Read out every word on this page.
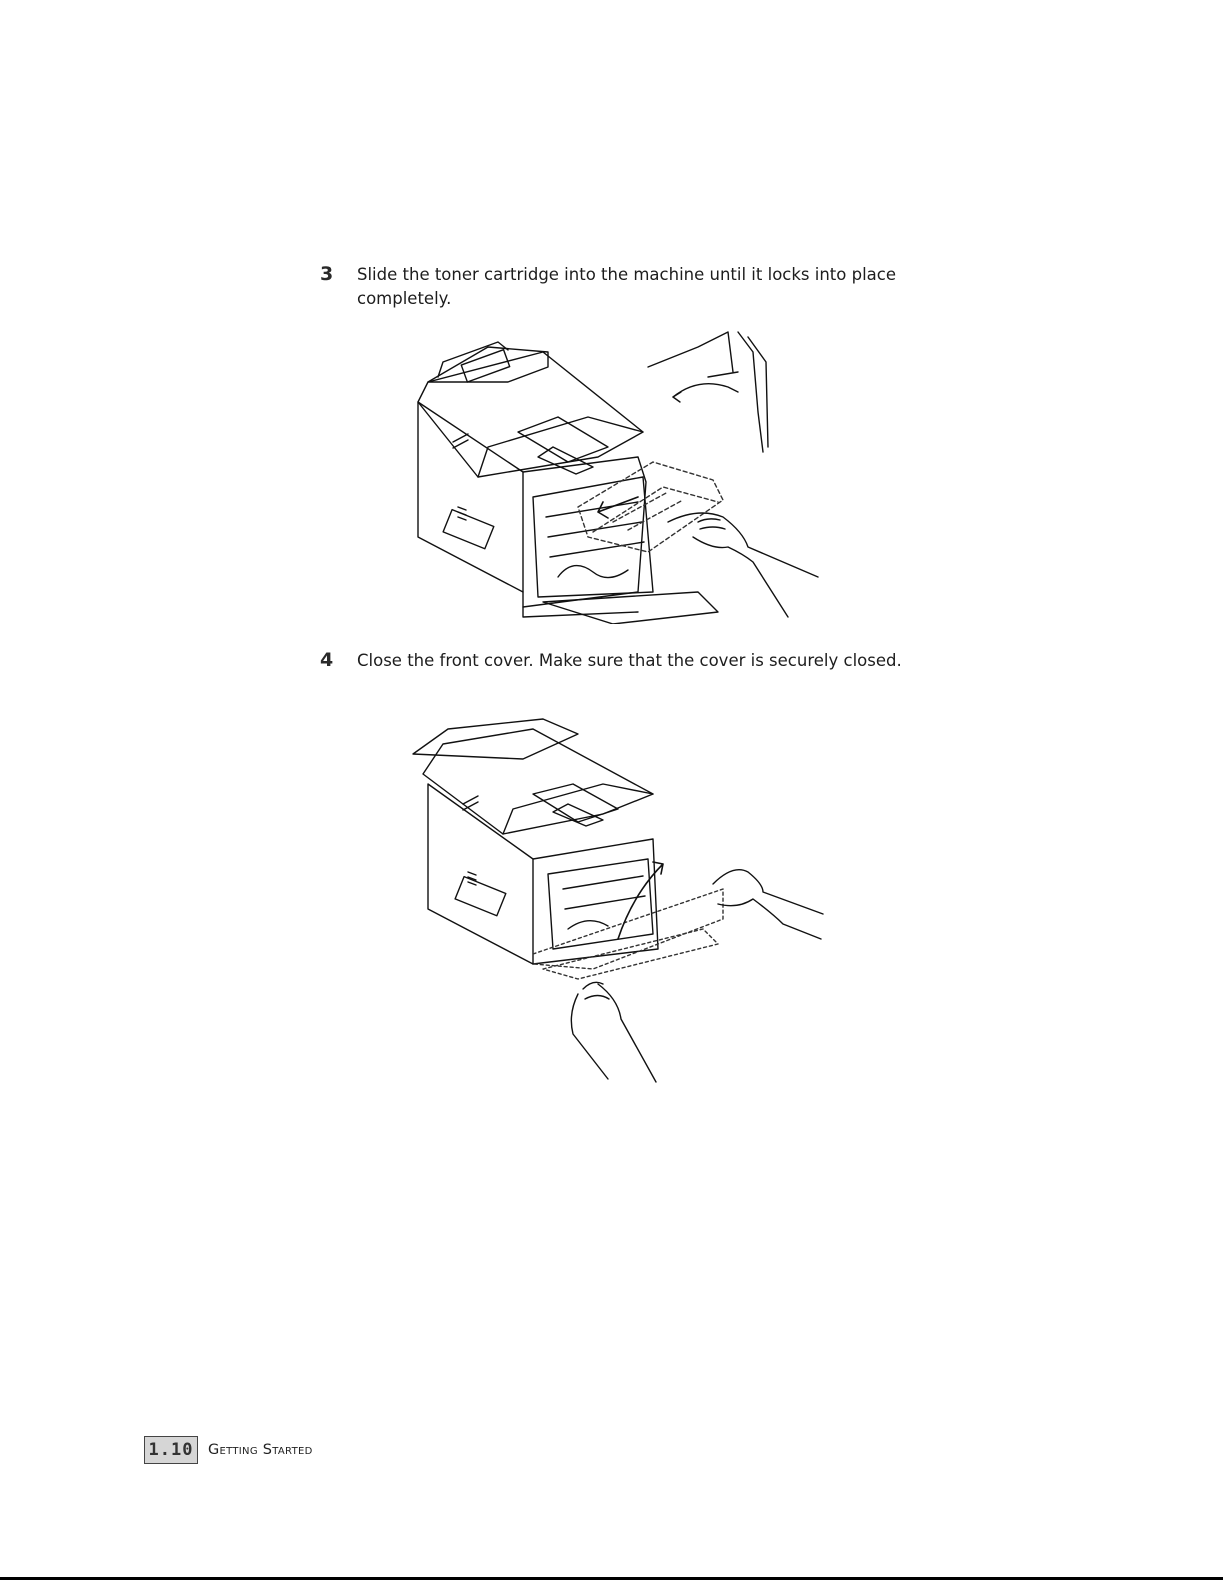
3 Slide the toner cartridge into the machine until it locks into place completely.
4 Close the front cover. Make sure that the cover is securely closed.
1.10	Getting Started
